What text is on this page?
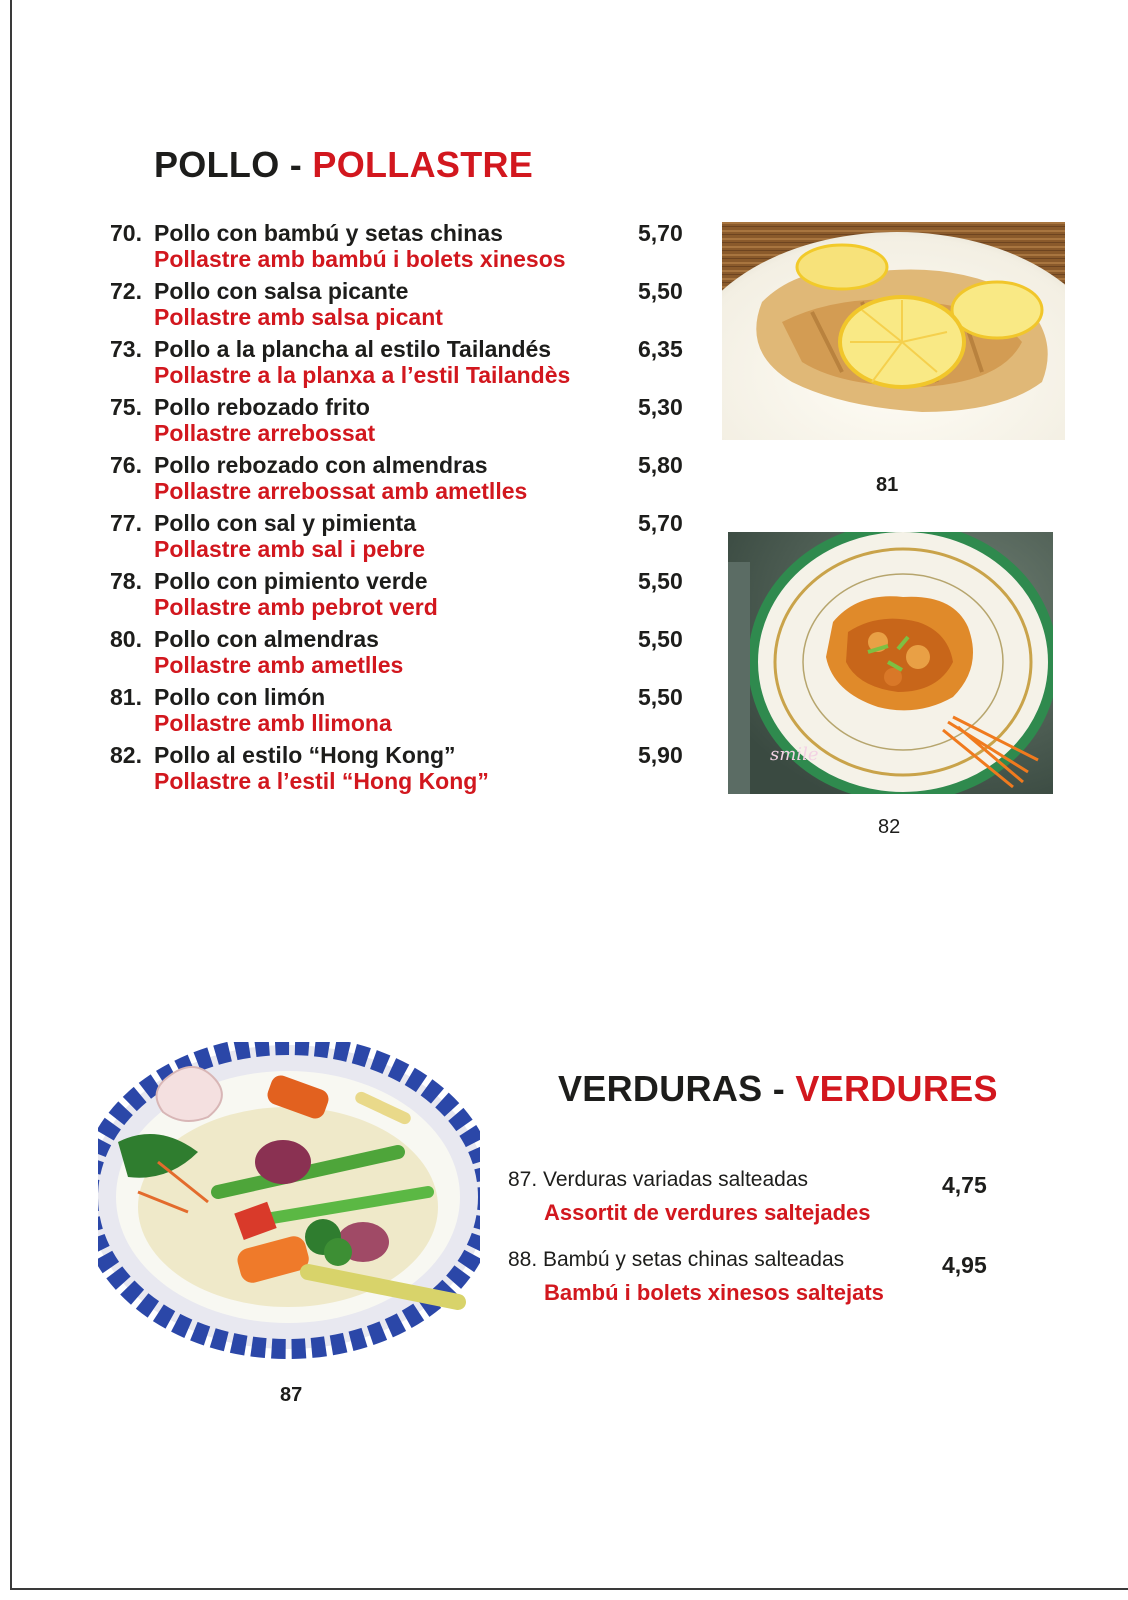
POLLO - POLLASTRE
70. Pollo con bambú y setas chinas
Pollastre amb bambú i bolets xinesos
5,70
72. Pollo con salsa picante
Pollastre amb salsa picant
5,50
73. Pollo a la plancha al estilo Tailandés
Pollastre a la planxa a l’estil Tailandès
6,35
75. Pollo rebozado frito
Pollastre arrebossat
5,30
76. Pollo rebozado con almendras
Pollastre arrebossat amb ametlles
5,80
77. Pollo con sal y pimienta
Pollastre amb sal i pebre
5,70
78. Pollo con pimiento verde
Pollastre amb pebrot verd
5,50
80. Pollo con almendras
Pollastre amb ametlles
5,50
81. Pollo con limón
Pollastre amb llimona
5,50
82. Pollo al estilo “Hong Kong”
Pollastre a l’estil “Hong Kong”
5,90
81
smile
82
87
VERDURAS - VERDURES
87. Verduras variadas salteadas
Assortit de verdures saltejades
4,75
88. Bambú y setas chinas salteadas
Bambú i bolets xinesos saltejats
4,95
